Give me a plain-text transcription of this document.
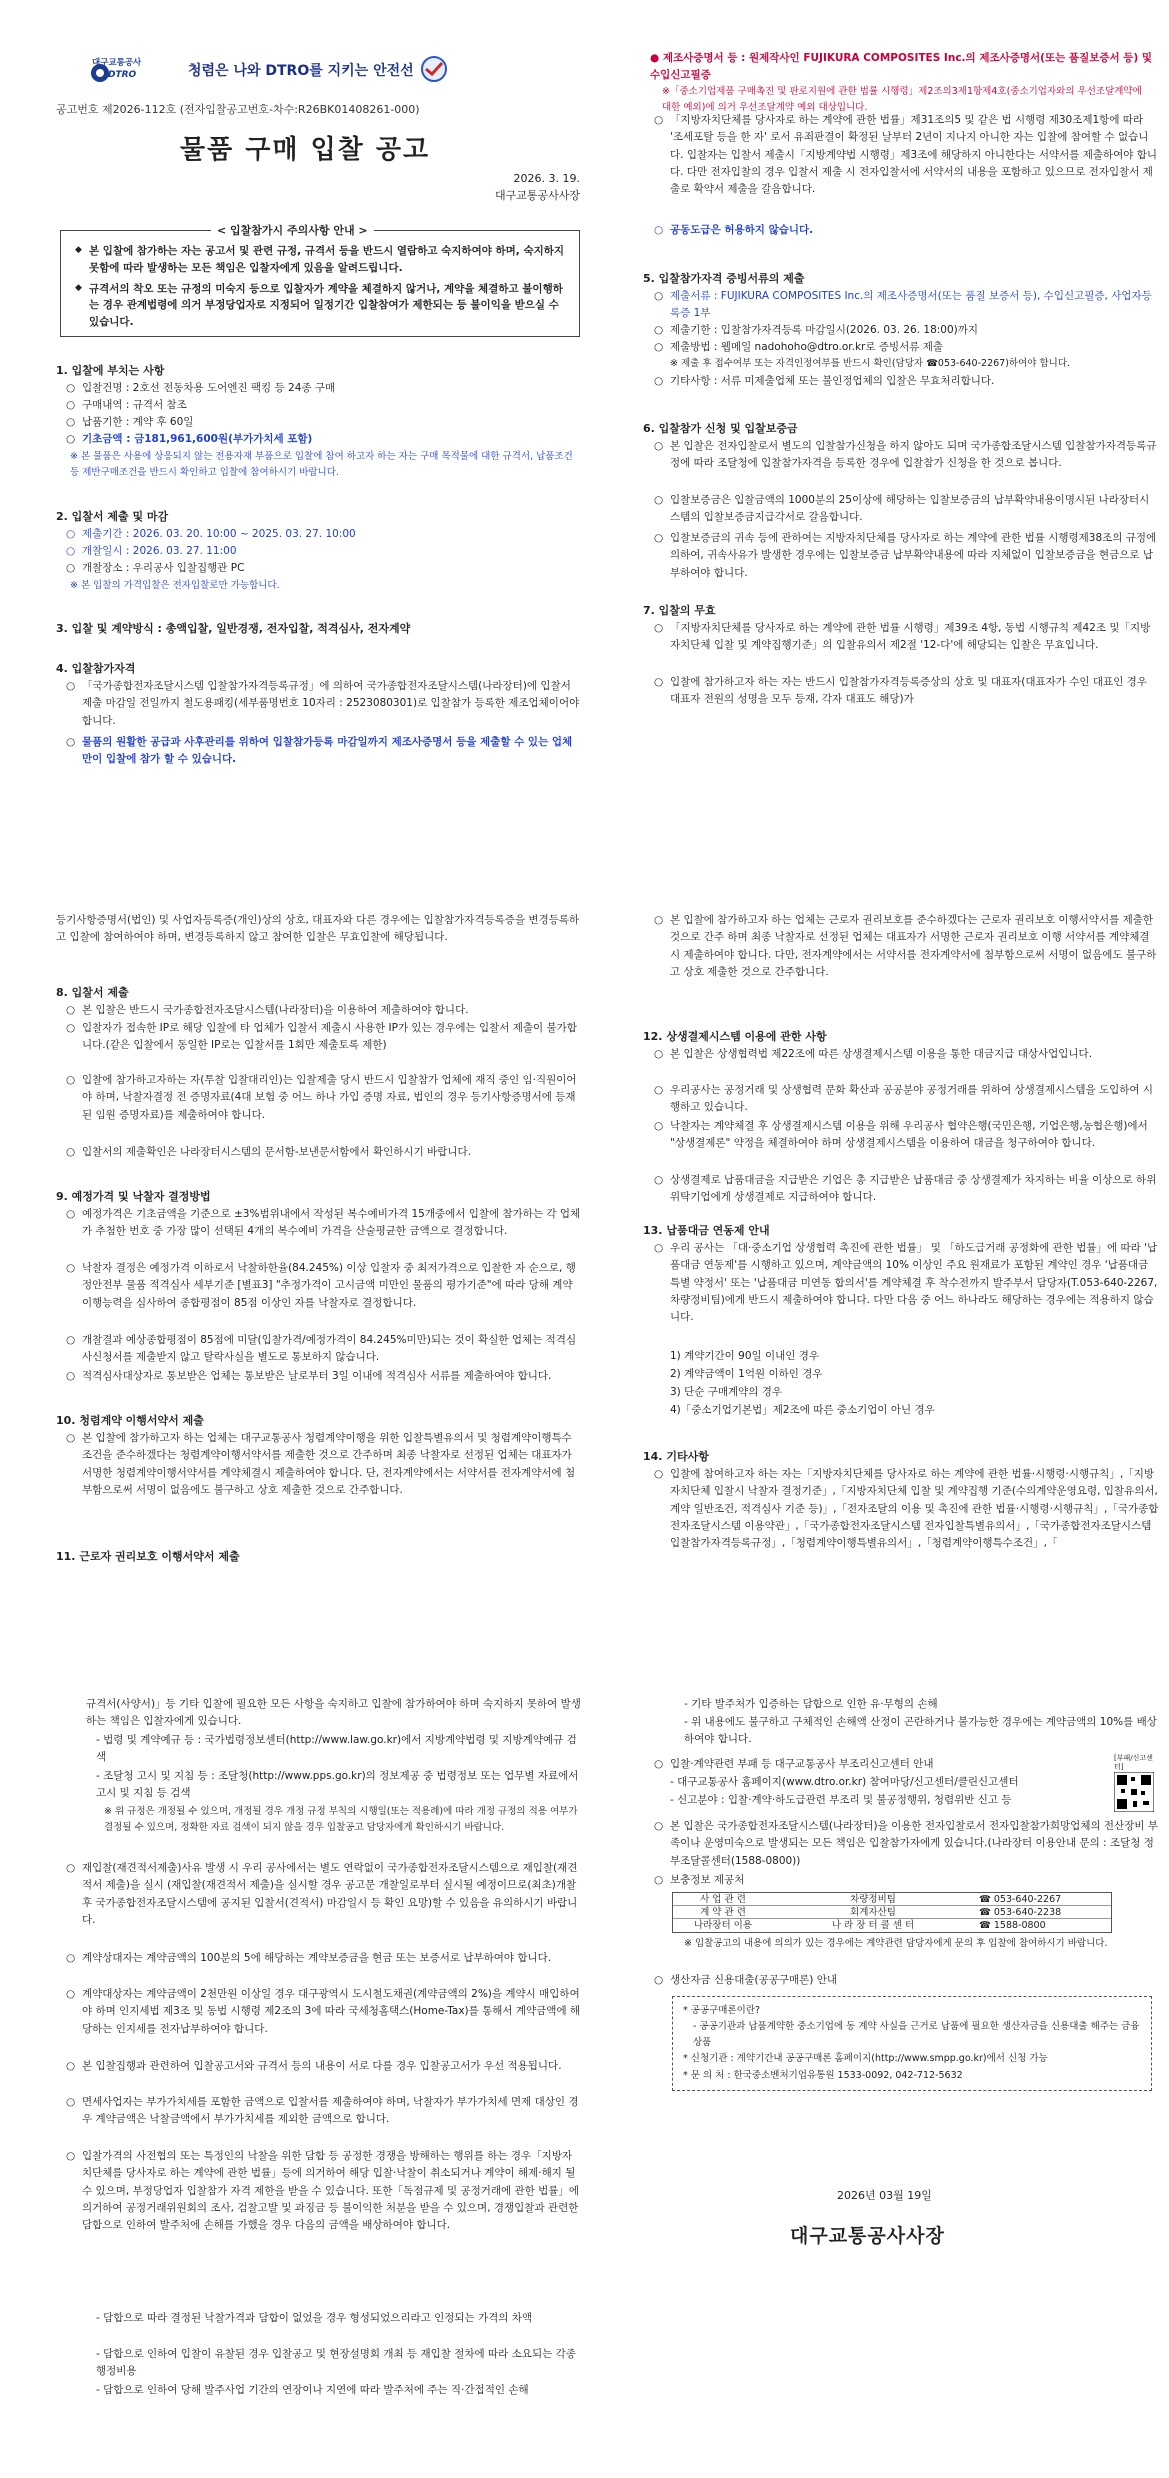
대구교통공사
DTRO	청렴은 나와 DTRO를 지키는 안전선
공고번호 제2026-112호 (전자입찰공고번호-차수:R26BK01408261-000)
물품 구매 입찰 공고
2026. 3. 19.
대구교통공사사장
< 입찰참가시 주의사항 안내 >
◆ 본 입찰에 참가하는 자는 공고서 및 관련 규정, 규격서 등을 반드시 열람하고 숙지하여야 하며, 숙지하지 못함에 따라 발생하는 모든 책임은 입찰자에게 있음을 알려드립니다.
◆ 규격서의 착오 또는 규정의 미숙지 등으로 입찰자가 계약을 체결하지 않거나, 계약을 체결하고 불이행하는 경우 관계법령에 의거 부정당업자로 지정되어 일정기간 입찰참여가 제한되는 등 불이익을 받으실 수 있습니다.
1. 입찰에 부치는 사항
○ 입찰건명 : 2호선 전동차용 도어엔진 팩킹 등 24종 구매
○ 구매내역 : 규격서 참조
○ 납품기한 : 계약 후 60일
○ 기초금액 : 금181,961,600원(부가가치세 포함)
※ 본 물품은 사용에 상응되지 않는 전용자재 부품으로 입찰에 참여 하고자 하는 자는 구매 목적물에 대한 규격서, 납품조건 등 제반구매조건을 반드시 확인하고 입찰에 참여하시기 바랍니다.
2. 입찰서 제출 및 마감
○ 제출기간 : 2026. 03. 20. 10:00 ~ 2025. 03. 27. 10:00
○ 개찰일시 : 2026. 03. 27. 11:00
○ 개찰장소 : 우리공사 입찰집행관 PC
※ 본 입찰의 가격입찰은 전자입찰로만 가능합니다.
3. 입찰 및 계약방식 : 총액입찰, 일반경쟁, 전자입찰, 적격심사, 전자계약
4. 입찰참가자격
○ 「국가종합전자조달시스템 입찰참가자격등록규정」에 의하여 국가종합전자조달시스템(나라장터)에 입찰서 제출 마감일 전일까지 철도용패킹(세부품명번호 10자리 : 2523080301)로 입찰참가 등록한 제조업체이어야 합니다.
○ 물품의 원활한 공급과 사후관리를 위하여 입찰참가등록 마감일까지 제조사증명서 등을 제출할 수 있는 업체만이 입찰에 참가 할 수 있습니다.
● 제조사증명서 등 : 원제작사인 FUJIKURA COMPOSITES Inc.의 제조사증명서(또는 품질보증서 등) 및 수입신고필증
※「중소기업제품 구매촉진 및 판로지원에 관한 법률 시행령」제2조의3제1항제4호(중소기업자와의 우선조달계약에 대한 예외)에 의거 우선조달계약 예외 대상입니다.
○ 「지방자치단체를 당사자로 하는 계약에 관한 법률」제31조의5 및 같은 법 시행령 제30조제1항에 따라 '조세포탈 등을 한 자' 로서 유죄판결이 확정된 날부터 2년이 지나지 아니한 자는 입찰에 참여할 수 없습니다. 입찰자는 입찰서 제출시「지방계약법 시행령」제3조에 해당하지 아니한다는 서약서를 제출하여야 합니다. 다만 전자입찰의 경우 입찰서 제출 시 전자입찰서에 서약서의 내용을 포함하고 있으므로 전자입찰서 제출로 확약서 제출을 갈음합니다.
○ 공동도급은 허용하지 않습니다.
5. 입찰참가자격 증빙서류의 제출
○ 제출서류 : FUJIKURA COMPOSITES Inc.의 제조사증명서(또는 품질 보증서 등), 수입신고필증, 사업자등록증 1부
○ 제출기한 : 입찰참가자격등록 마감일시(2026. 03. 26. 18:00)까지
○ 제출방법 : 웹메일 nadohoho@dtro.or.kr로 증빙서류 제출
※ 제출 후 접수여부 또는 자격인정여부를 반드시 확인(담당자 ☎053-640-2267)하여야 합니다.
○ 기타사항 : 서류 미제출업체 또는 불인정업체의 입찰은 무효처리합니다.
6. 입찰참가 신청 및 입찰보증금
○ 본 입찰은 전자입찰로서 별도의 입찰참가신청을 하지 않아도 되며 국가종합조달시스템 입찰참가자격등록규정에 따라 조달청에 입찰참가자격을 등록한 경우에 입찰참가 신청을 한 것으로 봅니다.
○ 입찰보증금은 입찰금액의 1000분의 25이상에 해당하는 입찰보증금의 납부확약내용이명시된 나라장터시스템의 입찰보증금지급각서로 갈음합니다.
○ 입찰보증금의 귀속 등에 관하여는 지방자치단체를 당사자로 하는 계약에 관한 법률 시행령제38조의 규정에 의하여, 귀속사유가 발생한 경우에는 입찰보증금 납부확약내용에 따라 지체없이 입찰보증금을 현금으로 납부하여야 합니다.
7. 입찰의 무효
○ 「지방자치단체를 당사자로 하는 계약에 관한 법률 시행령」제39조 4항, 동법 시행규칙 제42조 및「지방자치단체 입찰 및 계약집행기준」의 입찰유의서 제2절 '12-다'에 해당되는 입찰은 무효입니다.
○ 입찰에 참가하고자 하는 자는 반드시 입찰참가자격등록증상의 상호 및 대표자(대표자가 수인 대표인 경우 대표자 전원의 성명을 모두 등재, 각자 대표도 해당)가
등기사항증명서(법인) 및 사업자등록증(개인)상의 상호, 대표자와 다른 경우에는 입찰참가자격등록증을 변경등록하고 입찰에 참여하여야 하며, 변경등록하지 않고 참여한 입찰은 무효입찰에 해당됩니다.
8. 입찰서 제출
○ 본 입찰은 반드시 국가종합전자조달시스템(나라장터)을 이용하여 제출하여야 합니다.
○ 입찰자가 접속한 IP로 해당 입찰에 타 업체가 입찰서 제출시 사용한 IP가 있는 경우에는 입찰서 제출이 불가합니다.(같은 입찰에서 동일한 IP로는 입찰서를 1회만 제출토록 제한)
○ 입찰에 참가하고자하는 자(투찰 입찰대리인)는 입찰제출 당시 반드시 입찰참가 업체에 재직 중인 임·직원이어야 하며, 낙찰자결정 전 증명자료(4대 보험 중 어느 하나 가입 증명 자료, 법인의 경우 등기사항증명서에 등재된 임원 증명자료)를 제출하여야 합니다.
○ 입찰서의 제출확인은 나라장터시스템의 문서함-보낸문서함에서 확인하시기 바랍니다.
9. 예정가격 및 낙찰자 결정방법
○ 예정가격은 기초금액을 기준으로 ±3%범위내에서 작성된 복수예비가격 15개중에서 입찰에 참가하는 각 업체가 추첨한 번호 중 가장 많이 선택된 4개의 복수예비 가격을 산술평균한 금액으로 결정합니다.
○ 낙찰자 결정은 예정가격 이하로서 낙찰하한율(84.245%) 이상 입찰자 중 최저가격으로 입찰한 자 순으로, 행정안전부 물품 적격심사 세부기준 [별표3] "추정가격이 고시금액 미만인 물품의 평가기준"에 따라 당해 계약이행능력을 심사하여 종합평점이 85점 이상인 자를 낙찰자로 결정합니다.
○ 개찰결과 예상종합평점이 85점에 미달(입찰가격/예정가격이 84.245%미만)되는 것이 확실한 업체는 적격심사신청서를 제출받지 않고 탈락사실을 별도로 통보하지 않습니다.
○ 적격심사대상자로 통보받은 업체는 통보받은 날로부터 3일 이내에 적격심사 서류를 제출하여야 합니다.
10. 청렴계약 이행서약서 제출
○ 본 입찰에 참가하고자 하는 업체는 대구교통공사 청렴계약이행을 위한 입찰특별유의서 및 청렴계약이행특수조건을 준수하겠다는 청렴계약이행서약서를 제출한 것으로 간주하며 최종 낙찰자로 선정된 업체는 대표자가 서명한 청렴계약이행서약서를 계약체결시 제출하여야 합니다. 단, 전자계약에서는 서약서를 전자계약서에 첨부함으로써 서명이 없음에도 불구하고 상호 제출한 것으로 간주합니다.
11. 근로자 권리보호 이행서약서 제출
○ 본 입찰에 참가하고자 하는 업체는 근로자 권리보호를 준수하겠다는 근로자 권리보호 이행서약서를 제출한 것으로 간주 하며 최종 낙찰자로 선정된 업체는 대표자가 서명한 근로자 권리보호 이행 서약서를 계약체결 시 제출하여야 합니다. 다만, 전자계약에서는 서약서를 전자계약서에 첨부함으로써 서명이 없음에도 불구하고 상호 제출한 것으로 간주합니다.
12. 상생결제시스템 이용에 관한 사항
○ 본 입찰은 상생협력법 제22조에 따른 상생결제시스템 이용을 통한 대금지급 대상사업입니다.
○ 우리공사는 공정거래 및 상생협력 문화 확산과 공공분야 공정거래를 위하여 상생결제시스템을 도입하여 시행하고 있습니다.
○ 낙찰자는 계약체결 후 상생결제시스템 이용을 위해 우리공사 협약은행(국민은행, 기업은행,농협은행)에서 "상생결제론" 약정을 체결하여야 하며 상생결제시스템을 이용하여 대금을 청구하여야 합니다.
○ 상생결제로 납품대금을 지급받은 기업은 총 지급받은 납품대금 중 상생결제가 차지하는 비율 이상으로 하위 위탁기업에게 상생결제로 지급하여야 합니다.
13. 납품대금 연동제 안내
○ 우리 공사는 「대·중소기업 상생협력 촉진에 관한 법률」 및 「하도급거래 공정화에 관한 법률」에 따라 '납품대금 연동제'를 시행하고 있으며, 계약금액의 10% 이상인 주요 원재료가 포함된 계약인 경우 '납품대금 특별 약정서' 또는 '납품대금 미연동 합의서'를 계약체결 후 착수전까지 발주부서 담당자(T.053-640-2267,차량정비팀)에게 반드시 제출하여야 합니다. 다만 다음 중 어느 하나라도 해당하는 경우에는 적용하지 않습니다.
1) 계약기간이 90일 이내인 경우
2) 계약금액이 1억원 이하인 경우
3) 단순 구매계약의 경우
4)「중소기업기본법」제2조에 따른 중소기업이 아닌 경우
14. 기타사항
○ 입찰에 참여하고자 하는 자는「지방자치단체를 당사자로 하는 계약에 관한 법률·시행령·시행규칙」,「지방자치단체 입찰시 낙찰자 결정기준」,「지방자치단체 입찰 및 계약집행 기준(수의계약운영요령, 입찰유의서, 계약 일반조건, 적격심사 기준 등)」,「전자조달의 이용 및 촉진에 관한 법률·시행령·시행규칙」,「국가종합전자조달시스템 이용약관」,「국가종합전자조달시스템 전자입찰특별유의서」,「국가종합전자조달시스템 입찰참가자격등록규정」,「청렴계약이행특별유의서」,「청렴계약이행특수조건」,「
규격서(사양서)」등 기타 입찰에 필요한 모든 사항을 숙지하고 입찰에 참가하여야 하며 숙지하지 못하여 발생하는 책임은 입찰자에게 있습니다.
- 법령 및 계약예규 등 : 국가법령정보센터(http://www.law.go.kr)에서 지방계약법령 및 지방계약예규 검색
- 조달청 고시 및 지침 등 : 조달청(http://www.pps.go.kr)의 정보제공 중 법령정보 또는 업무별 자료에서 고시 및 지침 등 검색
※ 위 규정은 개정될 수 있으며, 개정될 경우 개정 규정 부칙의 시행일(또는 적용례)에 따라 개정 규정의 적용 여부가 결정될 수 있으며, 정확한 자료 검색이 되지 않을 경우 입찰공고 담당자에게 확인하시기 바랍니다.
○ 재입찰(재견적서제출)사유 발생 시 우리 공사에서는 별도 연락없이 국가종합전자조달시스템으로 재입찰(재견적서 제출)을 실시 (재입찰(재견적서 제출)을 실시할 경우 공고문 개찰일로부터 실시될 예정이므로(최초)개찰 후 국가종합전자조달시스템에 공지된 입찰서(견적서) 마감일시 등 확인 요망)할 수 있음을 유의하시기 바랍니다.
○ 계약상대자는 계약금액의 100분의 5에 해당하는 계약보증금을 현금 또는 보증서로 납부하여야 합니다.
○ 계약대상자는 계약금액이 2천만원 이상일 경우 대구광역시 도시철도채권(계약금액의 2%)을 계약시 매입하여야 하며 인지세법 제3조 및 동법 시행령 제2조의 3에 따라 국세청홈택스(Home-Tax)를 통해서 계약금액에 해당하는 인지세를 전자납부하여야 합니다.
○ 본 입찰집행과 관련하여 입찰공고서와 규격서 등의 내용이 서로 다를 경우 입찰공고서가 우선 적용됩니다.
○ 면세사업자는 부가가치세를 포함한 금액으로 입찰서를 제출하여야 하며, 낙찰자가 부가가치세 면제 대상인 경우 계약금액은 낙찰금액에서 부가가치세를 제외한 금액으로 합니다.
○ 입찰가격의 사전협의 또는 특정인의 낙찰을 위한 담합 등 공정한 경쟁을 방해하는 행위를 하는 경우「지방자치단체를 당사자로 하는 계약에 관한 법률」등에 의거하여 해당 입찰·낙찰이 취소되거나 계약이 해제·해지 될 수 있으며, 부정당업자 입찰참가 자격 제한을 받을 수 있습니다. 또한「독점규제 및 공정거래에 관한 법률」에 의거하여 공정거래위원회의 조사, 검찰고발 및 과징금 등 불이익한 처분을 받을 수 있으며, 경쟁입찰과 관련한 담합으로 인하여 발주처에 손해를 가했을 경우 다음의 금액을 배상하여야 합니다.
- 담합으로 따라 결정된 낙찰가격과 담합이 없었을 경우 형성되었으리라고 인정되는 가격의 차액
- 담합으로 인하여 입찰이 유찰된 경우 입찰공고 및 현장설명회 개최 등 재입찰 절차에 따라 소요되는 각종 행정비용
- 담합으로 인하여 당해 발주사업 기간의 연장이나 지연에 따라 발주처에 주는 직·간접적인 손해
- 기타 발주처가 입증하는 담합으로 인한 유·무형의 손해
- 위 내용에도 불구하고 구체적인 손해액 산정이 곤란하거나 불가능한 경우에는 계약금액의 10%를 배상하여야 합니다.
○ 입찰·계약관련 부패 등 대구교통공사 부조리신고센터 안내
- 대구교통공사 홈페이지(www.dtro.or.kr) 참여마당/신고센터/클린신고센터
- 신고분야 : 입찰·계약·하도급관련 부조리 및 불공정행위, 청렴위반 신고 등
[부패/신고센터]
○ 본 입찰은 국가종합전자조달시스템(나라장터)을 이용한 전자입찰로서 전자입찰참가희망업체의 전산장비 부족이나 운영미숙으로 발생되는 모든 책임은 입찰참가자에게 있습니다.(나라장터 이용안내 문의 : 조달청 정부조달콜센터(1588-0800))
○ 보충정보 제공처
사 업 관 련	차량정비팀	☎ 053-640-2267
계 약 관 련	회계자산팀	☎ 053-640-2238
나라장터 이용	나 라 장 터 콜 센 터	☎ 1588-0800
※ 입찰공고의 내용에 의의가 있는 경우에는 계약관련 담당자에게 문의 후 입찰에 참여하시기 바랍니다.
○ 생산자금 신용대출(공공구매론) 안내
* 공공구매론이란?
- 공공기관과 납품계약한 중소기업에 동 계약 사실을 근거로 납품에 필요한 생산자금을 신용대출 해주는 금융상품
* 신청기관 : 계약기간내 공공구매론 홈페이지(http://www.smpp.go.kr)에서 신청 가능
* 문 의 처 : 한국중소벤처기업유통원 1533-0092, 042-712-5632
2026년 03월 19일
대구교통공사사장
